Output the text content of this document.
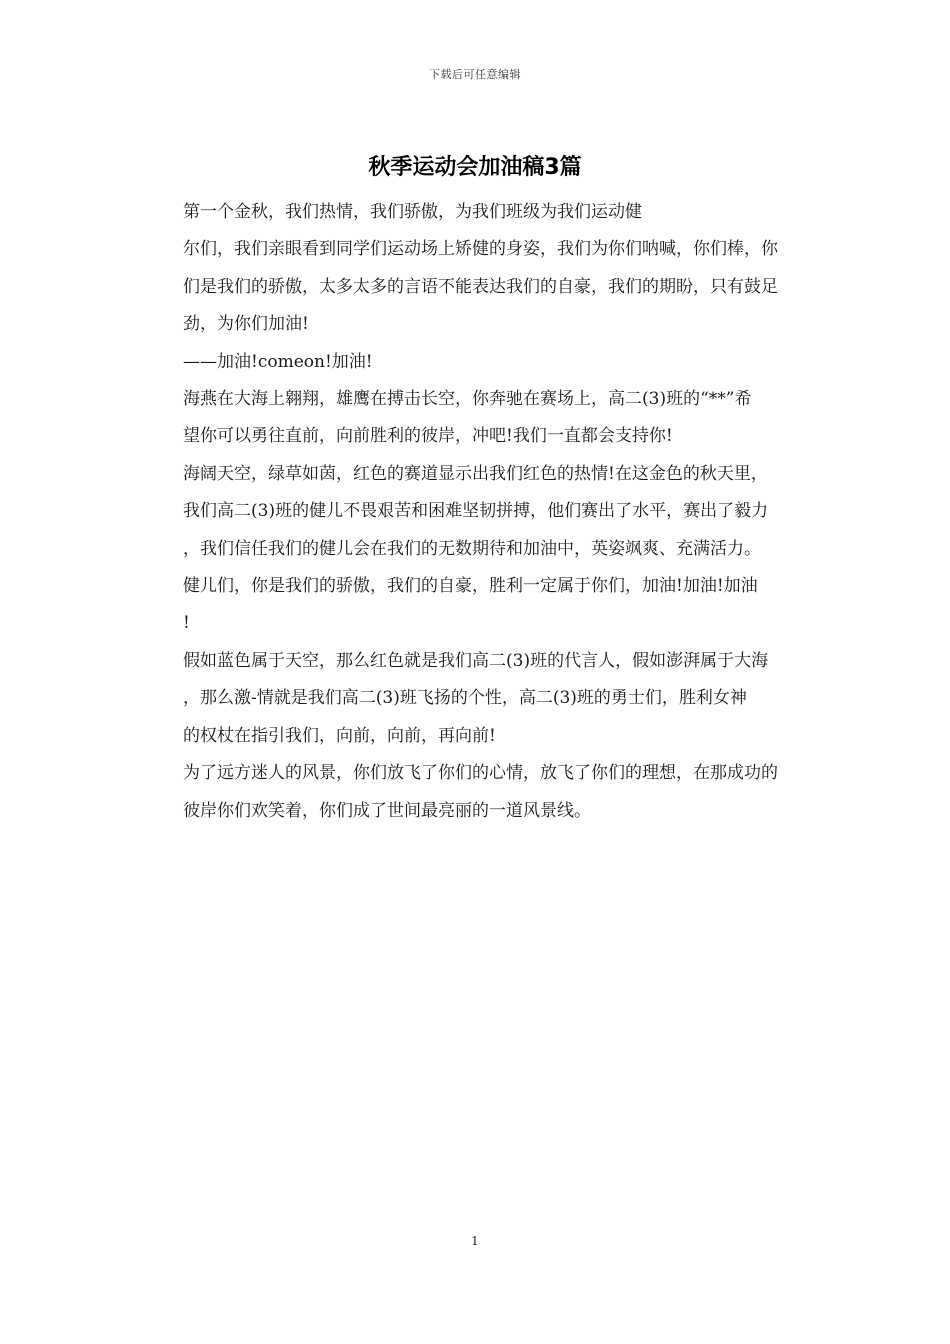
下载后可任意编辑
秋季运动会加油稿3篇

第一个金秋，我们热情，我们骄傲，为我们班级为我们运动健

尔们，我们亲眼看到同学们运动场上矫健的身姿，我们为你们呐喊，你们棒，你

们是我们的骄傲，太多太多的言语不能表达我们的自豪，我们的期盼，只有鼓足

劲，为你们加油!

——加油!comeon!加油!

海燕在大海上翱翔，雄鹰在搏击长空，你奔驰在赛场上，高二(3)班的“**”希

望你可以勇往直前，向前胜利的彼岸，冲吧!我们一直都会支持你!

海阔天空，绿草如茵，红色的赛道显示出我们红色的热情!在这金色的秋天里，

我们高二(3)班的健儿不畏艰苦和困难坚韧拼搏，他们赛出了水平，赛出了毅力

，我们信任我们的健儿会在我们的无数期待和加油中，英姿飒爽、充满活力。

健儿们，你是我们的骄傲，我们的自豪，胜利一定属于你们，加油!加油!加油

!

假如蓝色属于天空，那么红色就是我们高二(3)班的代言人，假如澎湃属于大海

，那么激-情就是我们高二(3)班飞扬的个性，高二(3)班的勇士们，胜利女神

的权杖在指引我们，向前，向前，再向前!

为了远方迷人的风景，你们放飞了你们的心情，放飞了你们的理想，在那成功的

彼岸你们欢笑着，你们成了世间最亮丽的一道风景线。

1
